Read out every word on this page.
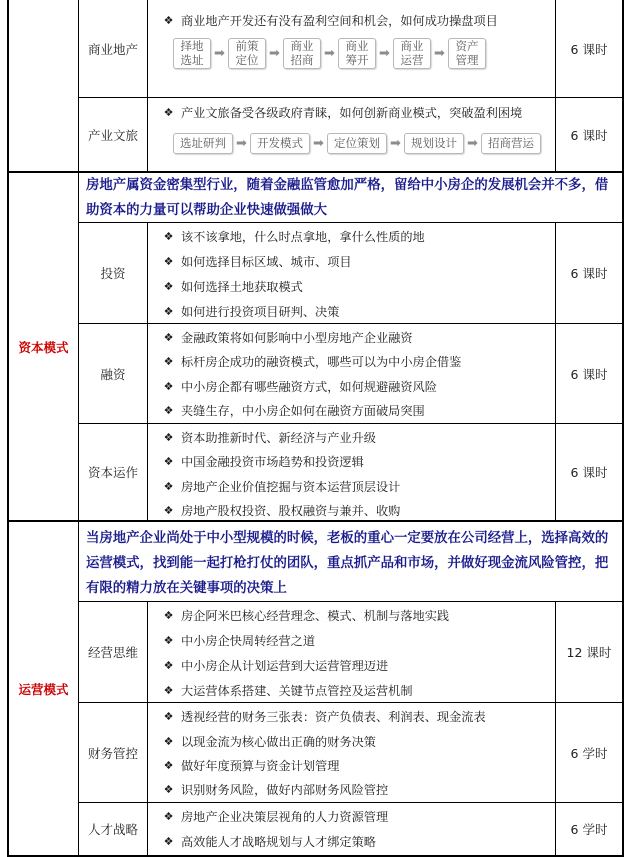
商业地产	6 课时
❖ 商业地产开发还有没有盈利空间和机会，如何成功操盘项目
择地
选址 ➡ 前策
定位 ➡ 商业
招商 ➡ 商业
筹开 ➡ 商业
运营 ➡ 资产
管理
产业文旅	6 课时
❖ 产业文旅备受各级政府青睐，如何创新商业模式，突破盈利困境
选址研判 ➡ 开发模式 ➡ 定位策划 ➡ 规划设计 ➡ 招商营运
资本模式
房地产属资金密集型行业，随着金融监管愈加严格，留给中小房企的发展机会并不多，借助资本的力量可以帮助企业快速做强做大
投资	6 课时
❖ 该不该拿地，什么时点拿地，拿什么性质的地
❖ 如何选择目标区域、城市、项目
❖ 如何选择土地获取模式
❖ 如何进行投资项目研判、决策
融资	6 课时
❖ 金融政策将如何影响中小型房地产企业融资
❖ 标杆房企成功的融资模式，哪些可以为中小房企借鉴
❖ 中小房企都有哪些融资方式，如何规避融资风险
❖ 夹缝生存，中小房企如何在融资方面破局突围
资本运作	6 课时
❖ 资本助推新时代、新经济与产业升级
❖ 中国金融投资市场趋势和投资逻辑
❖ 房地产企业价值挖掘与资本运营顶层设计
❖ 房地产股权投资、股权融资与兼并、收购
运营模式
当房地产企业尚处于中小型规模的时候，老板的重心一定要放在公司经营上，选择高效的运营模式，找到能一起打枪打仗的团队，重点抓产品和市场，并做好现金流风险管控，把有限的精力放在关键事项的决策上
经营思维	12 课时
❖ 房企阿米巴核心经营理念、模式、机制与落地实践
❖ 中小房企快周转经营之道
❖ 中小房企从计划运营到大运营管理迈进
❖ 大运营体系搭建、关键节点管控及运营机制
财务管控	6 学时
❖ 透视经营的财务三张表：资产负债表、利润表、现金流表
❖ 以现金流为核心做出正确的财务决策
❖ 做好年度预算与资金计划管理
❖ 识别财务风险，做好内部财务风险管控
人才战略	6 学时
❖ 房地产企业决策层视角的人力资源管理
❖ 高效能人才战略规划与人才绑定策略
